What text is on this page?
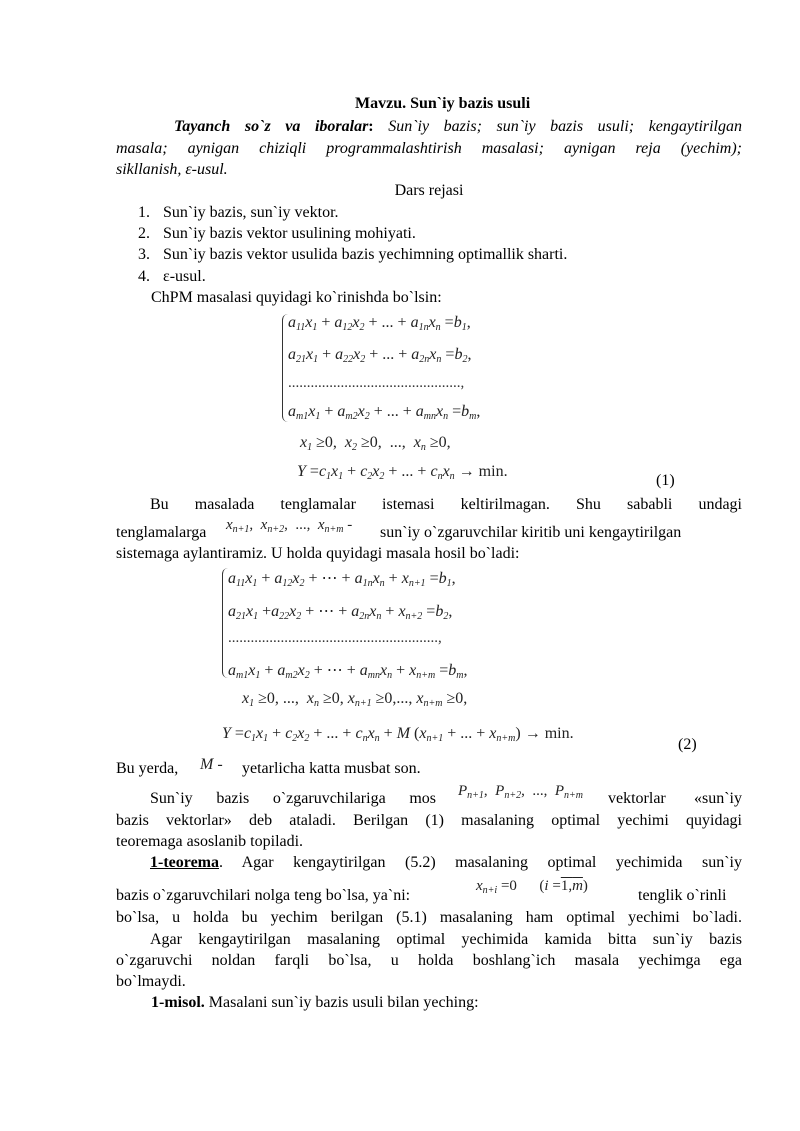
Mavzu. Sun`iy bazis usuli
Tayanch so`z va iboralar: Sun`iy bazis; sun`iy bazis usuli; kengaytirilgan
masala; aynigan chiziqli programmalashtirish masalasi; aynigan reja (yechim);
sikllanish, ε-usul.
Dars rejasi
1. Sun`iy bazis, sun`iy vektor.
2. Sun`iy bazis vektor usulining mohiyati.
3. Sun`iy bazis vektor usulida bazis yechimning optimallik sharti.
4. ε-usul.
ChPM masalasi quyidagi ko`rinishda bo`lsin:
$a_{11}x_1 + a_{12}x_2$ + ... + $a_{1n}x_n =b_1$,
$a_{21}x_1 + a_{22}x_2$ + ... + $a_{2n}x_n =b_2$,
..............................................,
$a_{m1}x_1 + a_{m2}x_2$ + ... + $a_{mn}x_n =b_m$,
$x_1 \ge 0$,  $x_2 \ge 0$, ...,  $x_n \ge 0$,
$Y =c_1x_1 + c_2x_2$ + ... + $c_nx_n \to \min$.
(1)
Bu masalada tenglamalar istemasi keltirilmagan. Shu sababli undagi
tenglamalarga $x_{n+1}$,  $x_{n+2}$, ...,  $x_{n+m}$ - sun`iy o`zgaruvchilar kiritib uni kengaytirilgan
sistemaga aylantiramiz. U holda quyidagi masala hosil bo`ladi:
$a_{11}x_1 + a_{12}x_2$ + ⋯ + $a_{1n}x_n + x_{n+1} =b_1$,
$a_{21}x_1 +a_{22}x_2$ + ⋯ + $a_{2n}x_n + x_{n+2} =b_2$,
........................................................,
$a_{m1}x_1 + a_{m2}x_2$ + ⋯ + $a_{mn}x_n + x_{n+m} =b_m$,
$x_1 \ge 0$, ...,  $x_n \ge 0$, $x_{n+1} \ge 0$,..., $x_{n+m} \ge 0$,
$Y =c_1x_1 + c_2x_2$ + ... + $c_nx_n + M$ ($x_{n+1}$ + ... + $x_{n+m}) \to \min$.
(2)
Bu yerda, M - yetarlicha katta musbat son.
Sun`iy bazis o`zgaruvchilariga mos $P_{n+1}$,  $P_{n+2}$, ...,  $P_{n+m}$ vektorlar «sun`iy
bazis vektorlar» deb ataladi. Berilgan (1) masalaning optimal yechimi quyidagi
teoremaga asoslanib topiladi.
1-teorema. Agar kengaytirilgan (5.2) masalaning optimal yechimida sun`iy
bazis o`zgaruvchilari nolga teng bo`lsa, ya`ni:
$x_{n+i} =0$ (i =1,m)
tenglik o`rinli
bo`lsa, u holda bu yechim berilgan (5.1) masalaning ham optimal yechimi bo`ladi.
Agar kengaytirilgan masalaning optimal yechimida kamida bitta sun`iy bazis
o`zgaruvchi noldan farqli bo`lsa, u holda boshlang`ich masala yechimga ega
bo`lmaydi.
1-misol. Masalani sun`iy bazis usuli bilan yeching:
